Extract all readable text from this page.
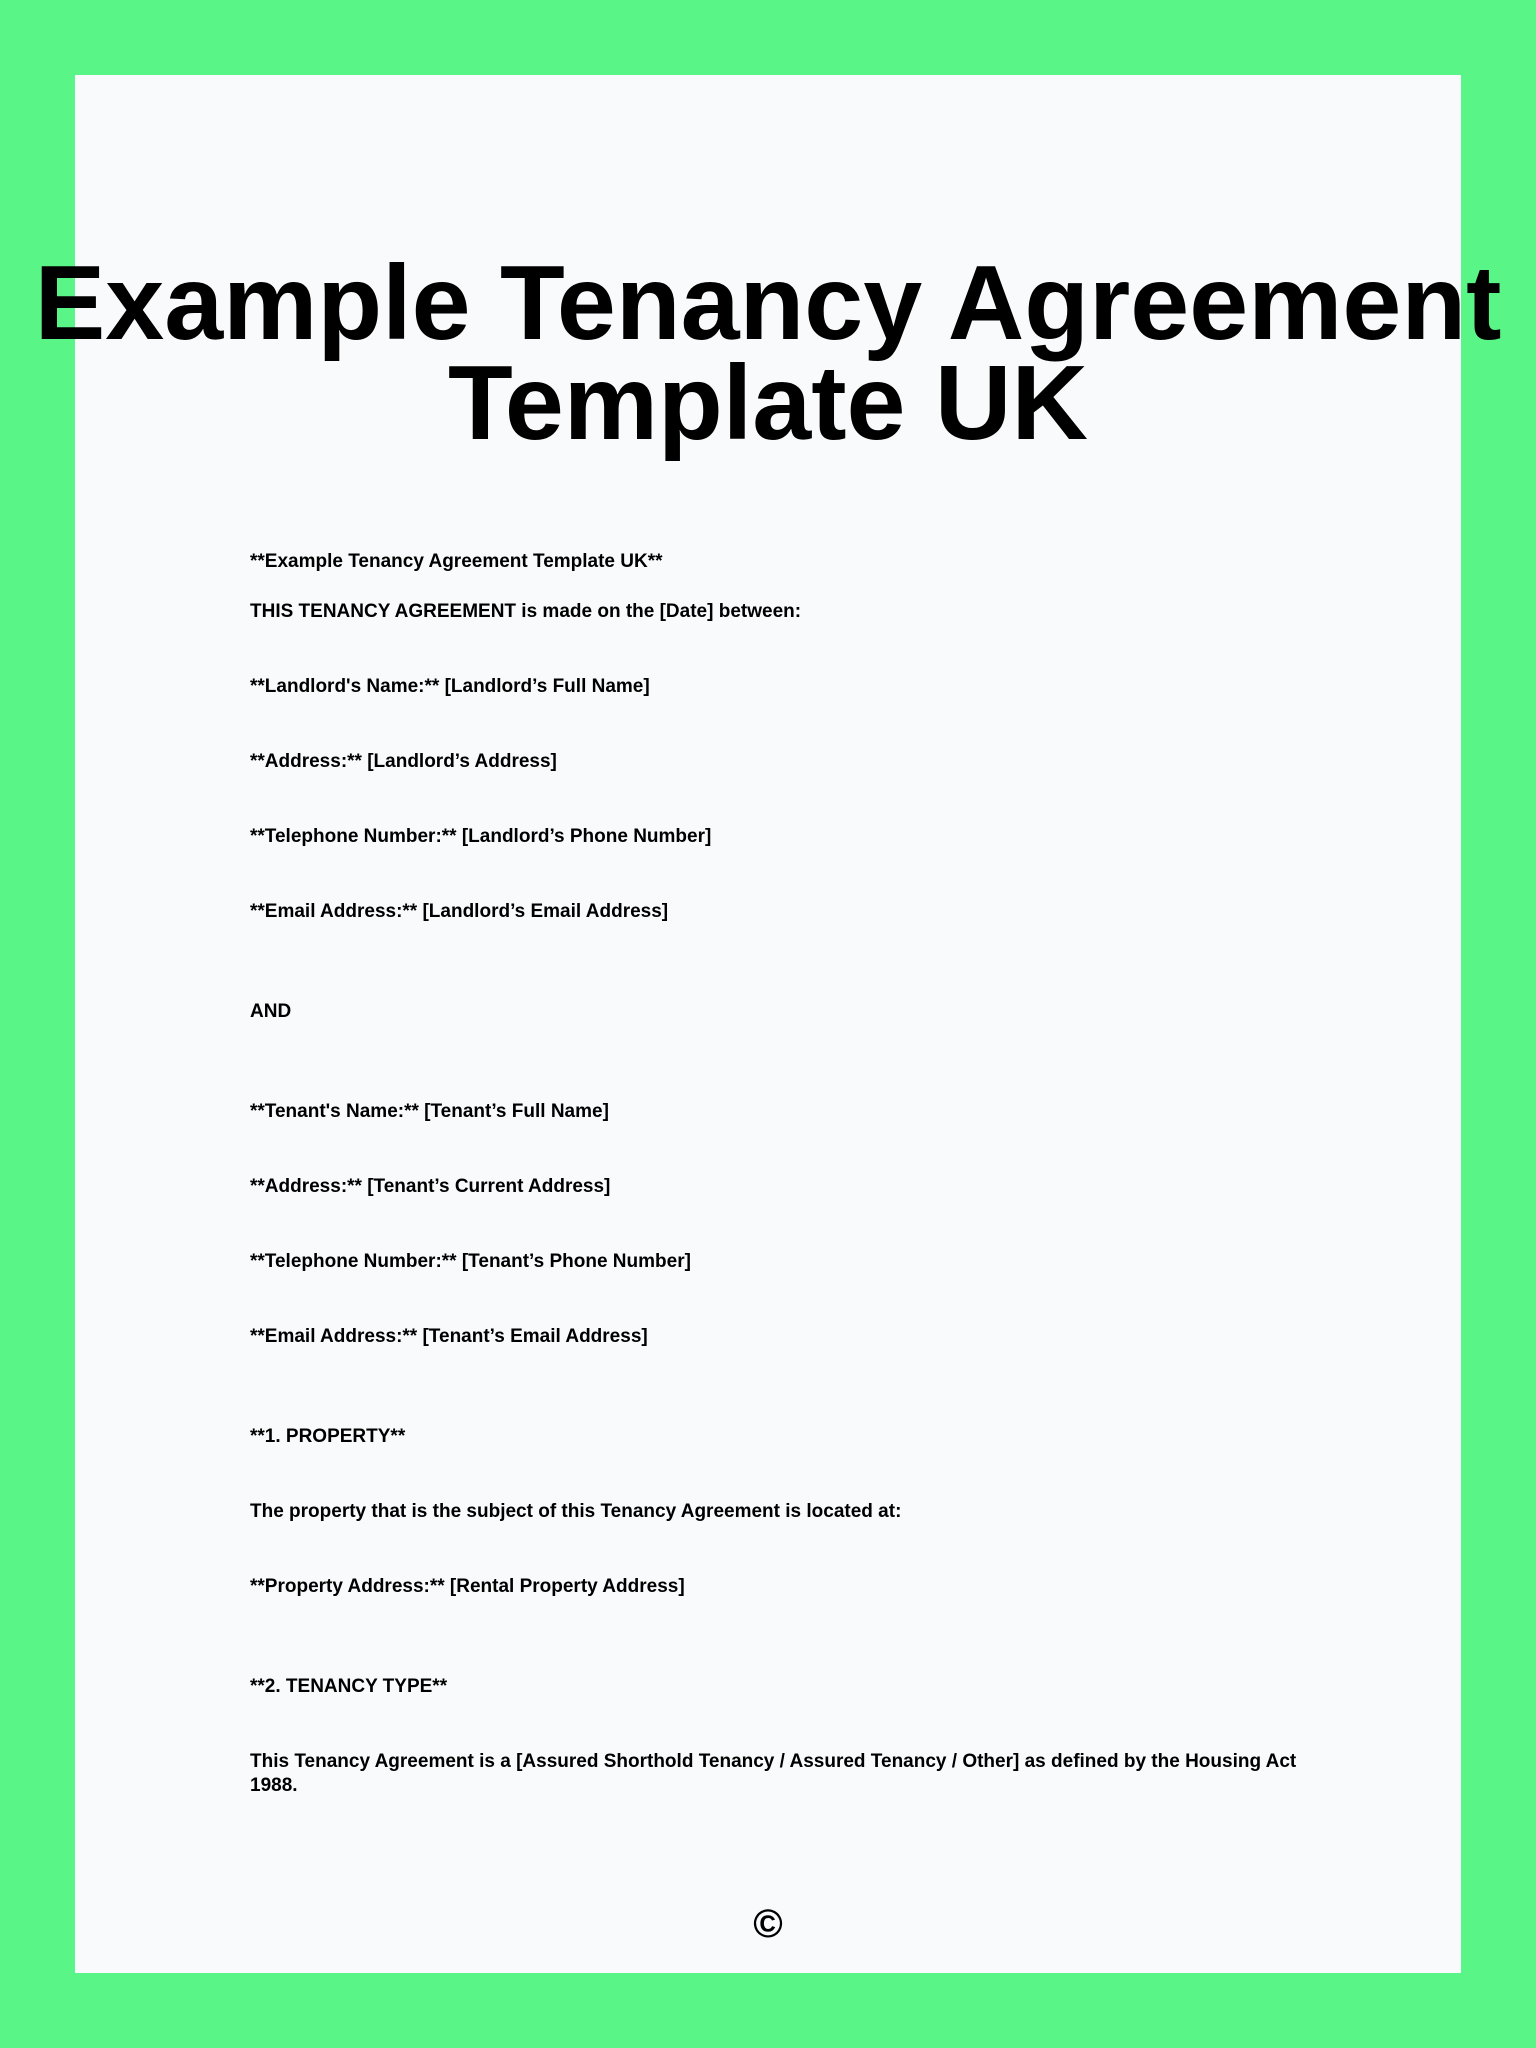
Example Tenancy Agreement Template UK

**Example Tenancy Agreement Template UK**

THIS TENANCY AGREEMENT is made on the [Date] between:

**Landlord's Name:** [Landlord’s Full Name]

**Address:** [Landlord’s Address]

**Telephone Number:** [Landlord’s Phone Number]

**Email Address:** [Landlord’s Email Address]

AND

**Tenant's Name:** [Tenant’s Full Name]

**Address:** [Tenant’s Current Address]

**Telephone Number:** [Tenant’s Phone Number]

**Email Address:** [Tenant’s Email Address]

**1. PROPERTY**

The property that is the subject of this Tenancy Agreement is located at:

**Property Address:** [Rental Property Address]

**2. TENANCY TYPE**

This Tenancy Agreement is a [Assured Shorthold Tenancy / Assured Tenancy / Other] as defined by the Housing Act 1988.

©
